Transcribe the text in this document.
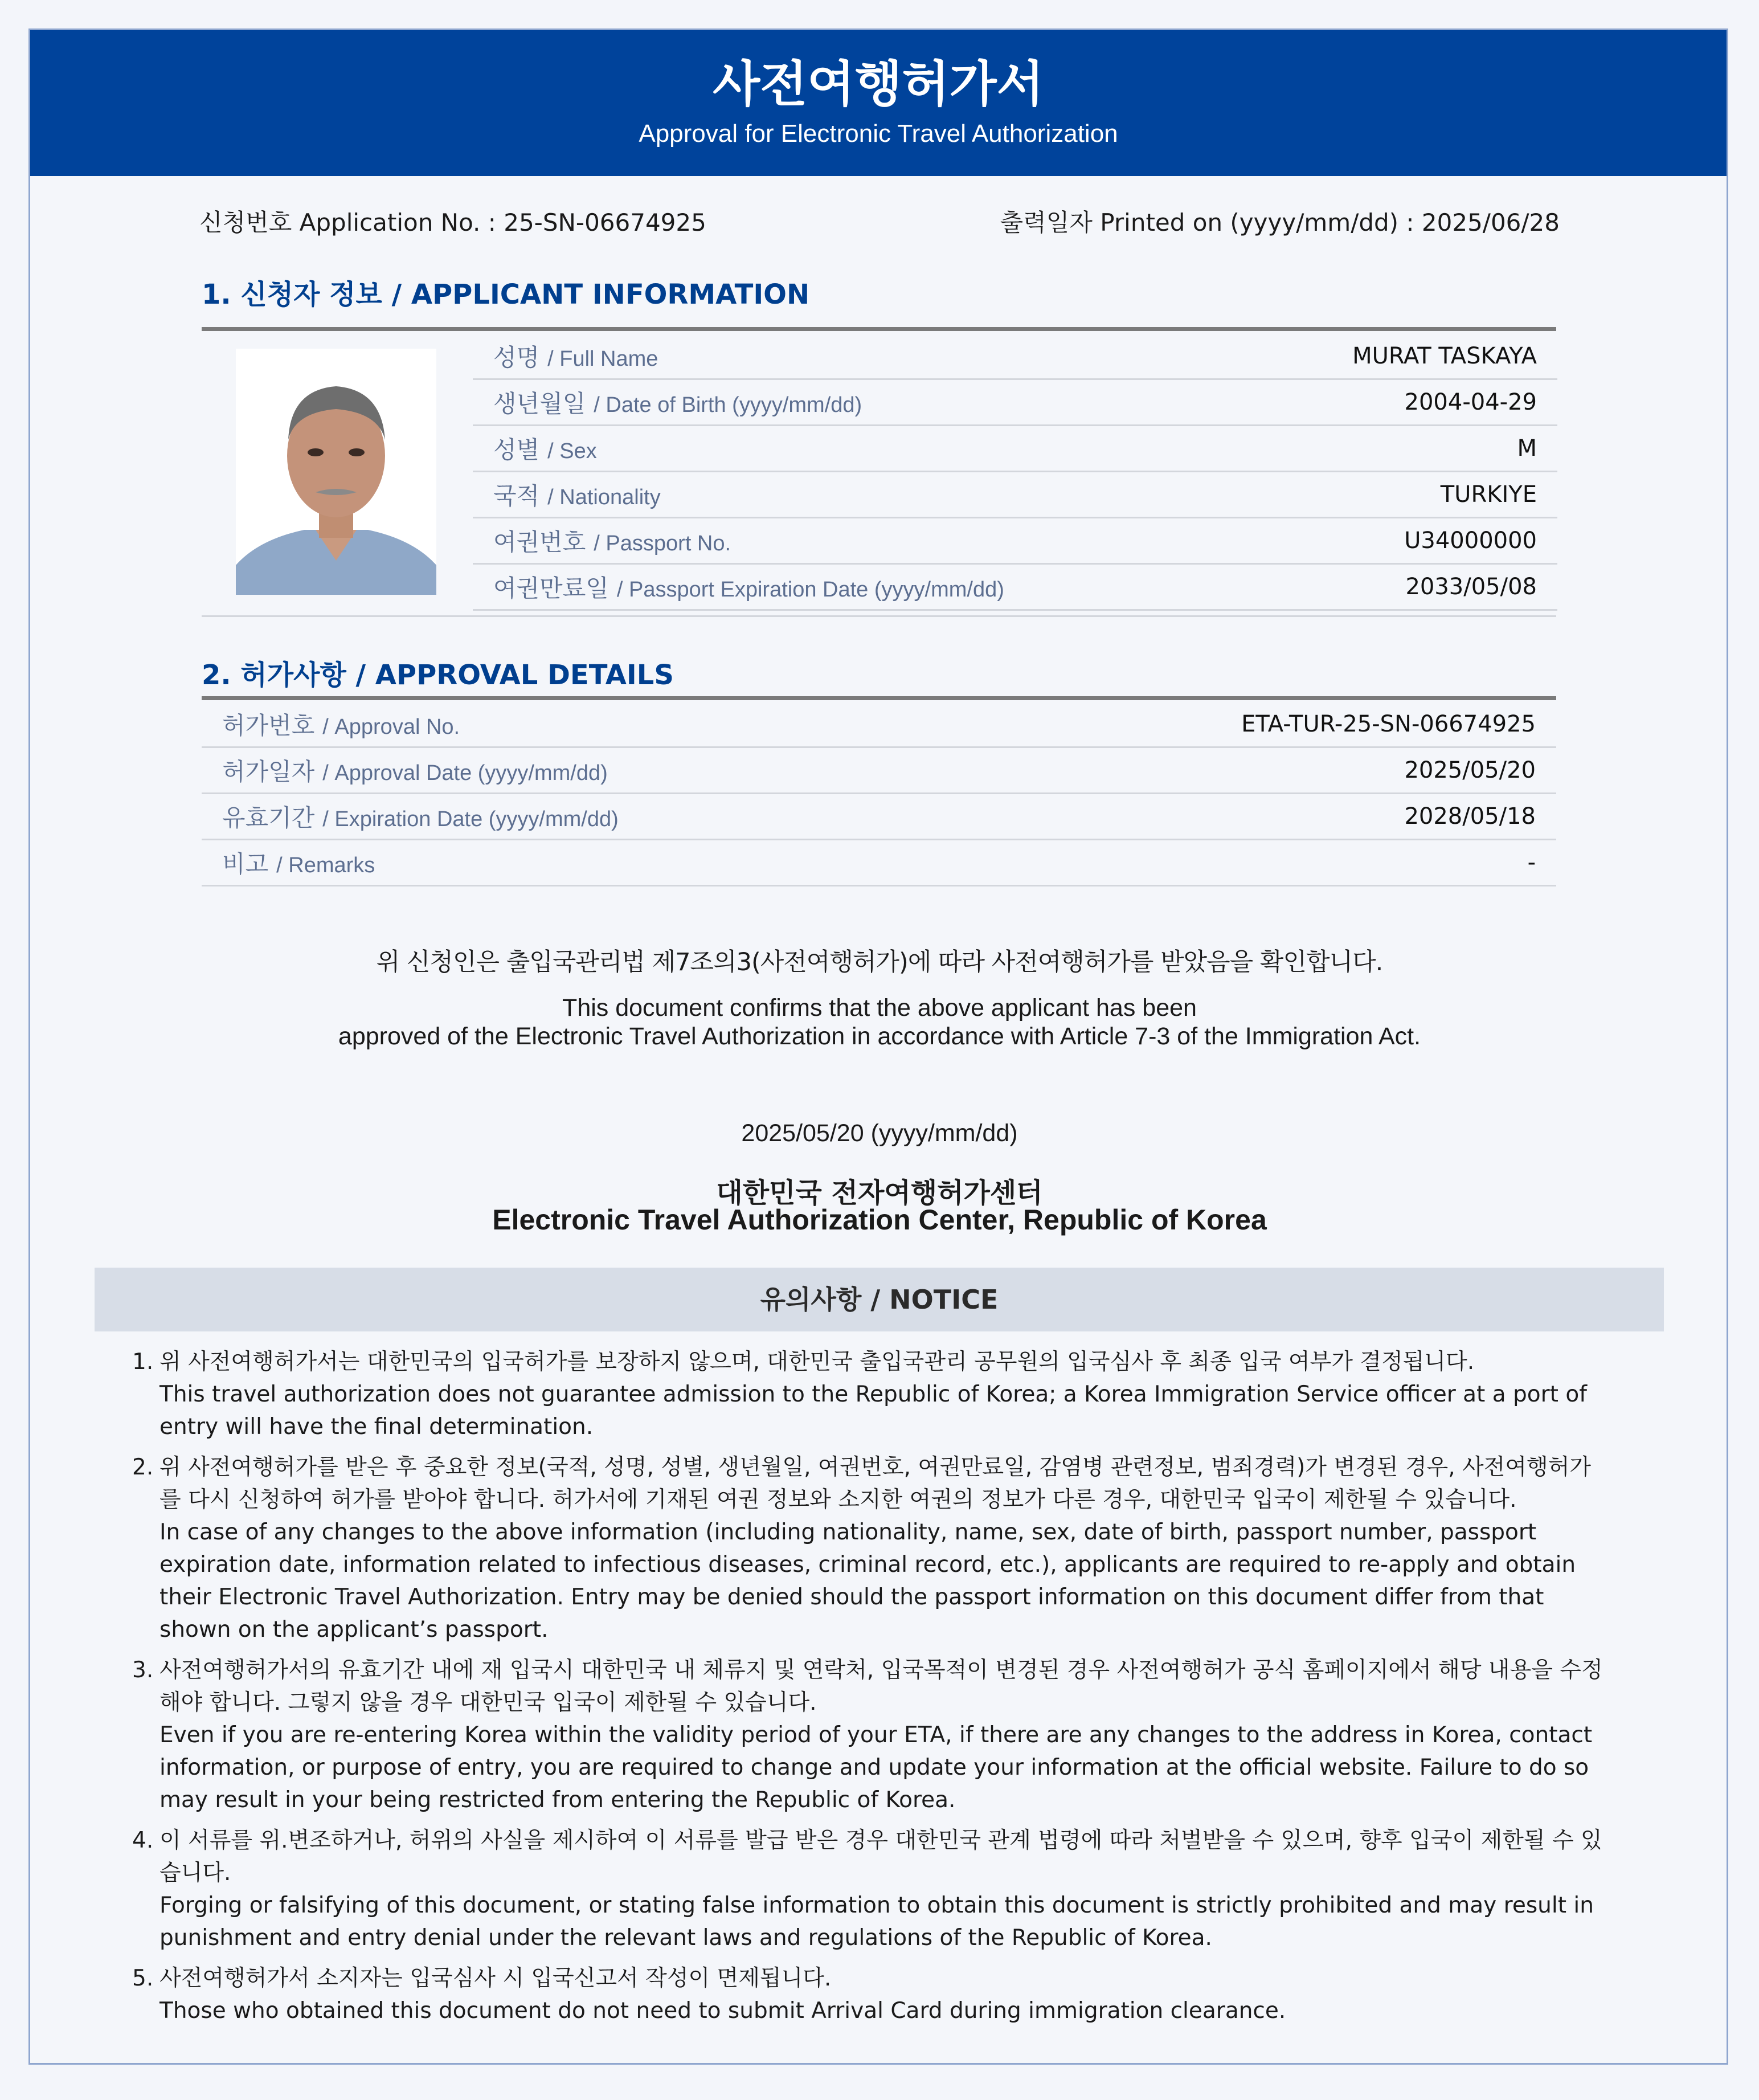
사전여행허가서
Approval for Electronic Travel Authorization
신청번호 Application No. : 25-SN-06674925	출력일자 Printed on (yyyy/mm/dd) : 2025/06/28
1. 신청자 정보 / APPLICANT INFORMATION
성명 / Full Name	MURAT TASKAYA
생년월일 / Date of Birth (yyyy/mm/dd)	2004-04-29
성별 / Sex	M
국적 / Nationality	TURKIYE
여권번호 / Passport No.	U34000000
여권만료일 / Passport Expiration Date (yyyy/mm/dd)	2033/05/08
2. 허가사항 / APPROVAL DETAILS
허가번호 / Approval No.	ETA-TUR-25-SN-06674925
허가일자 / Approval Date (yyyy/mm/dd)	2025/05/20
유효기간 / Expiration Date (yyyy/mm/dd)	2028/05/18
비고 / Remarks	-
위 신청인은 출입국관리법 제7조의3(사전여행허가)에 따라 사전여행허가를 받았음을 확인합니다.
This document confirms that the above applicant has been
approved of the Electronic Travel Authorization in accordance with Article 7-3 of the Immigration Act.
2025/05/20 (yyyy/mm/dd)
대한민국 전자여행허가센터
Electronic Travel Authorization Center, Republic of Korea
유의사항 / NOTICE
1. 위 사전여행허가서는 대한민국의 입국허가를 보장하지 않으며, 대한민국 출입국관리 공무원의 입국심사 후 최종 입국 여부가 결정됩니다.

This travel authorization does not guarantee admission to the Republic of Korea; a Korea Immigration Service officer at a port of entry will have the final determination.

2. 위 사전여행허가를 받은 후 중요한 정보(국적, 성명, 성별, 생년월일, 여권번호, 여권만료일, 감염병 관련정보, 범죄경력)가 변경된 경우, 사전여행허가를 다시 신청하여 허가를 받아야 합니다. 허가서에 기재된 여권 정보와 소지한 여권의 정보가 다른 경우, 대한민국 입국이 제한될 수 있습니다.

In case of any changes to the above information (including nationality, name, sex, date of birth, passport number, passport expiration date, information related to infectious diseases, criminal record, etc.), applicants are required to re-apply and obtain their Electronic Travel Authorization. Entry may be denied should the passport information on this document differ from that shown on the applicant’s passport.

3. 사전여행허가서의 유효기간 내에 재 입국시 대한민국 내 체류지 및 연락처, 입국목적이 변경된 경우 사전여행허가 공식 홈페이지에서 해당 내용을 수정해야 합니다. 그렇지 않을 경우 대한민국 입국이 제한될 수 있습니다.

Even if you are re-entering Korea within the validity period of your ETA, if there are any changes to the address in Korea, contact information, or purpose of entry, you are required to change and update your information at the official website. Failure to do so may result in your being restricted from entering the Republic of Korea.

4. 이 서류를 위.변조하거나, 허위의 사실을 제시하여 이 서류를 발급 받은 경우 대한민국 관계 법령에 따라 처벌받을 수 있으며, 향후 입국이 제한될 수 있습니다.

Forging or falsifying of this document, or stating false information to obtain this document is strictly prohibited and may result in punishment and entry denial under the relevant laws and regulations of the Republic of Korea.

5. 사전여행허가서 소지자는 입국심사 시 입국신고서 작성이 면제됩니다.

Those who obtained this document do not need to submit Arrival Card during immigration clearance.
